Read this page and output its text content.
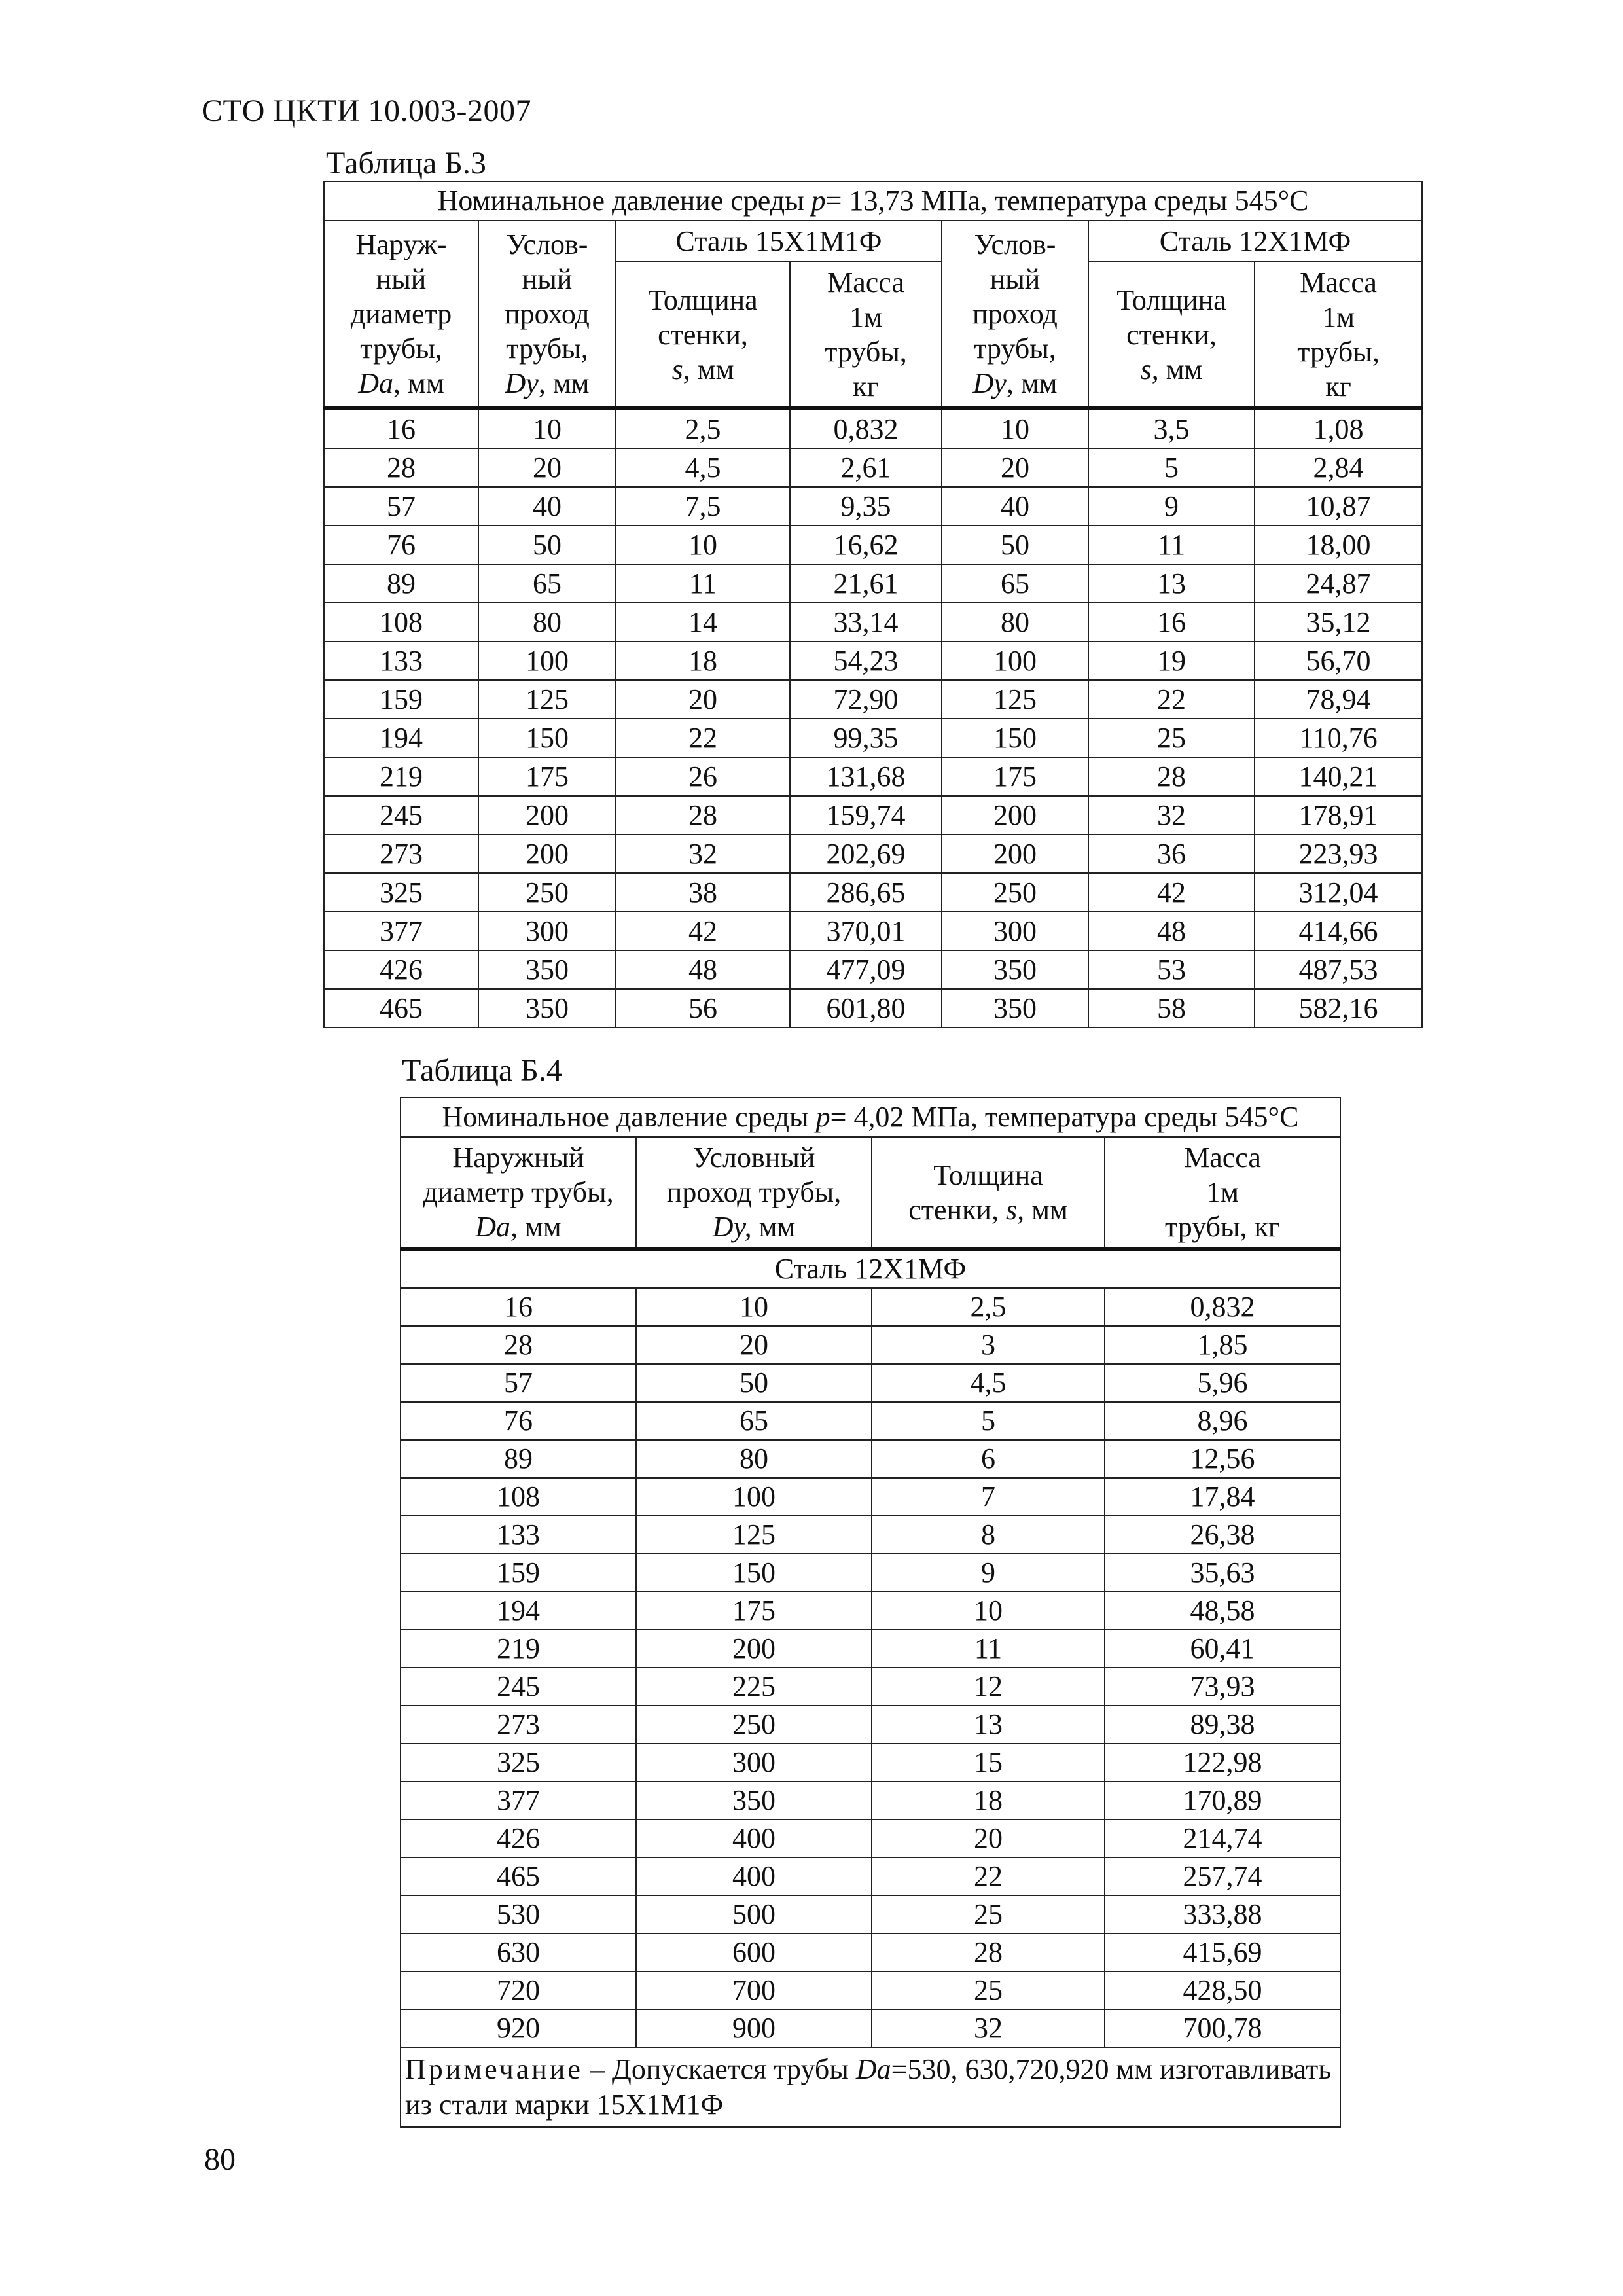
СТО ЦКТИ 10.003-2007
Таблица Б.3
Номинальное давление среды p= 13,73 МПа, температура среды 545°С						
Наруж-
ный
диаметр
трубы,
Da, мм	Услов-
ный
проход
трубы,
Dy, мм	Сталь 15Х1М1Ф		Услов-
ный
проход
трубы,
Dy, мм	Сталь 12Х1МФ	
		Толщина
стенки,
s, мм	Масса
1м
трубы,
кг		Толщина
стенки,
s, мм	Масса
1м
трубы,
кг
16	10	2,5	0,832	10	3,5	1,08
28	20	4,5	2,61	20	5	2,84
57	40	7,5	9,35	40	9	10,87
76	50	10	16,62	50	11	18,00
89	65	11	21,61	65	13	24,87
108	80	14	33,14	80	16	35,12
133	100	18	54,23	100	19	56,70
159	125	20	72,90	125	22	78,94
194	150	22	99,35	150	25	110,76
219	175	26	131,68	175	28	140,21
245	200	28	159,74	200	32	178,91
273	200	32	202,69	200	36	223,93
325	250	38	286,65	250	42	312,04
377	300	42	370,01	300	48	414,66
426	350	48	477,09	350	53	487,53
465	350	56	601,80	350	58	582,16
Таблица Б.4
Номинальное давление среды p= 4,02 МПа, температура среды 545°С			
Наружный
диаметр трубы,
Da, мм	Условный
проход трубы,
Dy, мм	Толщина
стенки, s, мм	Масса
1м
трубы, кг
Сталь 12Х1МФ			
16	10	2,5	0,832
28	20	3	1,85
57	50	4,5	5,96
76	65	5	8,96
89	80	6	12,56
108	100	7	17,84
133	125	8	26,38
159	150	9	35,63
194	175	10	48,58
219	200	11	60,41
245	225	12	73,93
273	250	13	89,38
325	300	15	122,98
377	350	18	170,89
426	400	20	214,74
465	400	22	257,74
530	500	25	333,88
630	600	28	415,69
720	700	25	428,50
920	900	32	700,78
Примечание – Допускается трубы Da=530, 630,720,920 мм изготавливать из стали марки 15Х1М1Ф			
80
